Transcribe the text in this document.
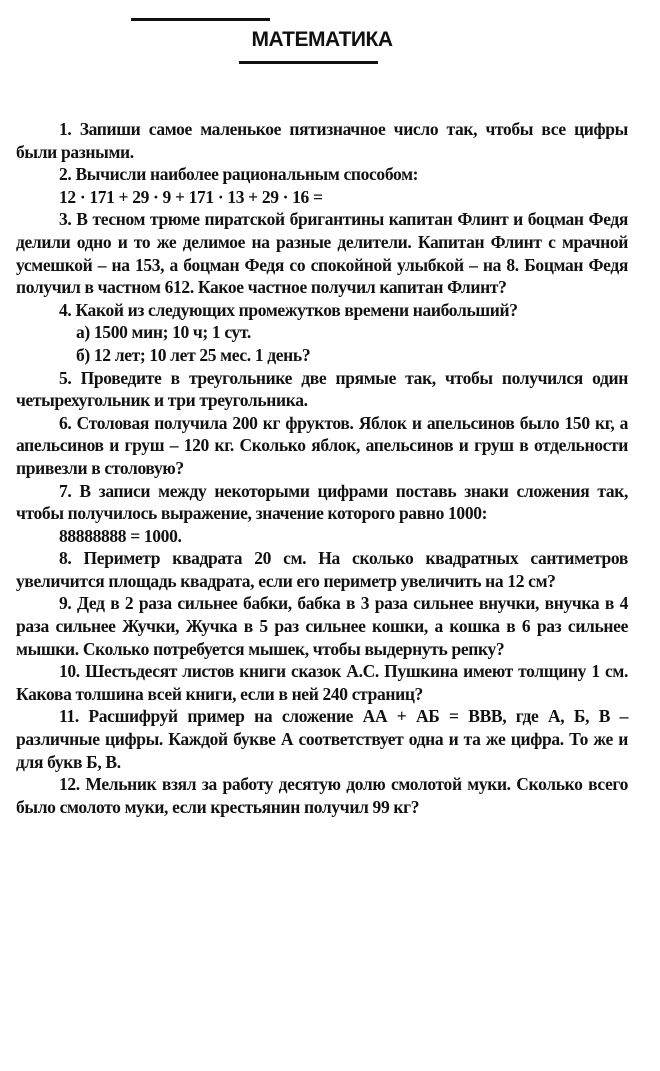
МАТЕМАТИКА

1. Запиши самое маленькое пятизначное число так, чтобы все цифры были разными.

2. Вычисли наиболее рациональным способом:

12 · 171 + 29 · 9 + 171 · 13 + 29 · 16 =

3. В тесном трюме пиратской бригантины капитан Флинт и боцман Федя делили одно и то же делимое на разные делители. Капитан Флинт с мрачной усмешкой – на 153, а боцман Федя со спокойной улыбкой – на 8. Боцман Федя получил в частном 612. Какое частное получил капитан Флинт?

4. Какой из следующих промежутков времени наибольший?

а) 1500 мин; 10 ч; 1 сут.

б) 12 лет; 10 лет 25 мес. 1 день?

5. Проведите в треугольнике две прямые так, чтобы получился один четырехугольник и три треугольника.

6. Столовая получила 200 кг фруктов. Яблок и апельсинов было 150 кг, а апельсинов и груш – 120 кг. Сколько яблок, апельсинов и груш в отдельности привезли в столовую?

7. В записи между некоторыми цифрами поставь знаки сложения так, чтобы получилось выражение, значение которого равно 1000:

88888888 = 1000.

8. Периметр квадрата 20 см. На сколько квадратных сантиметров увеличится площадь квадрата, если его периметр увеличить на 12 см?

9. Дед в 2 раза сильнее бабки, бабка в 3 раза сильнее внучки, внучка в 4 раза сильнее Жучки, Жучка в 5 раз сильнее кошки, а кошка в 6 раз сильнее мышки. Сколько потребуется мышек, чтобы выдернуть репку?

10. Шестьдесят листов книги сказок А.С. Пушкина имеют толщину 1 см. Какова толшина всей книги, если в ней 240 страниц?

11. Расшифруй пример на сложение АА + АБ = ВВВ, где А, Б, В – различные цифры. Каждой букве А соответствует одна и та же цифра. То же и для букв Б, В.

12. Мельник взял за работу десятую долю смолотой муки. Сколько всего было смолото муки, если крестьянин получил 99 кг?
